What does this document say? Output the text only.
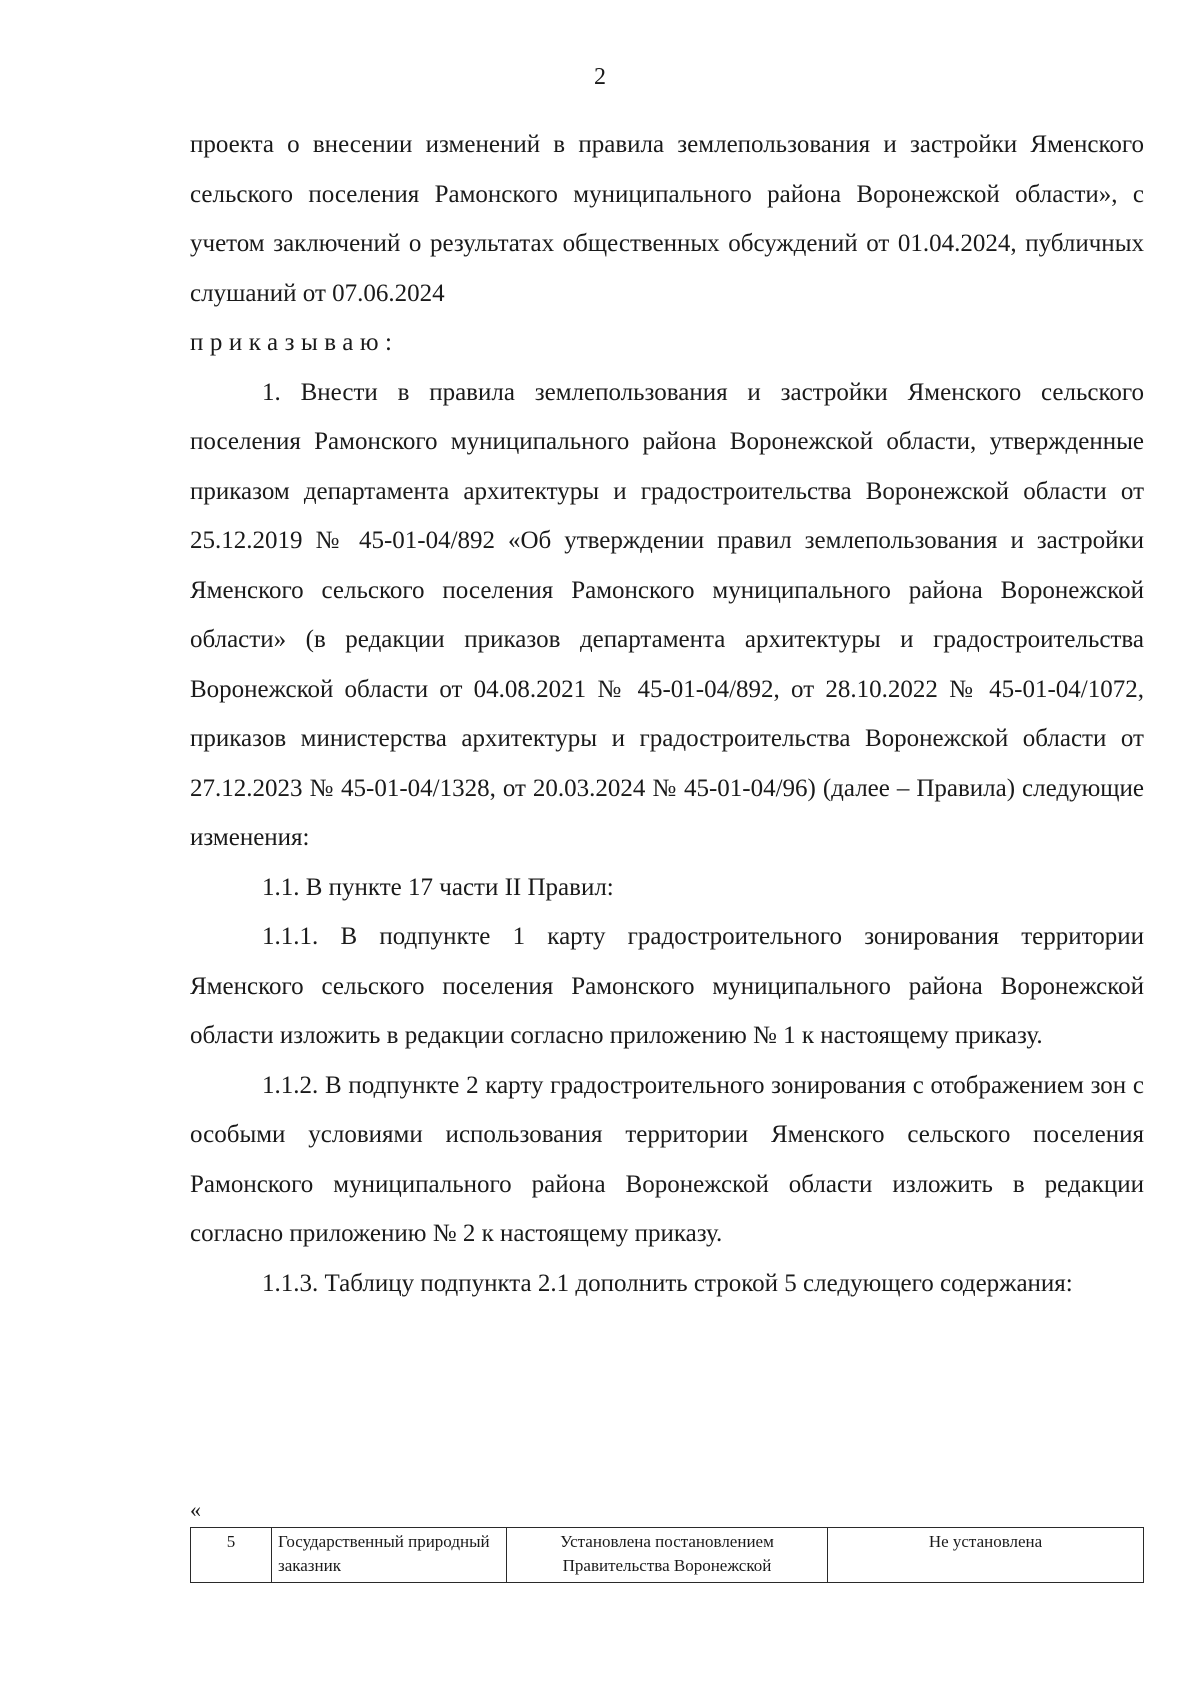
2

проекта о внесении изменений в правила землепользования и застройки Яменского сельского поселения Рамонского муниципального района Воронежской области», с учетом заключений о результатах общественных обсуждений от 01.04.2024, публичных слушаний от 07.06.2024

приказываю:

1. Внести в правила землепользования и застройки Яменского сельского поселения Рамонского муниципального района Воронежской области, утвержденные приказом департамента архитектуры и градостроительства Воронежской области от 25.12.2019 № 45-01-04/892 «Об утверждении правил землепользования и застройки Яменского сельского поселения Рамонского муниципального района Воронежской области» (в редакции приказов департамента архитектуры и градостроительства Воронежской области от 04.08.2021 № 45-01-04/892, от 28.10.2022 № 45-01-04/1072, приказов министерства архитектуры и градостроительства Воронежской области от 27.12.2023 № 45-01-04/1328, от 20.03.2024 № 45-01-04/96) (далее – Правила) следующие изменения:

1.1. В пункте 17 части II Правил:

1.1.1. В подпункте 1 карту градостроительного зонирования территории Яменского сельского поселения Рамонского муниципального района Воронежской области изложить в редакции согласно приложению № 1 к настоящему приказу.

1.1.2. В подпункте 2 карту градостроительного зонирования с отображением зон с особыми условиями использования территории Яменского сельского поселения Рамонского муниципального района Воронежской области изложить в редакции согласно приложению № 2 к настоящему приказу.

1.1.3. Таблицу подпункта 2.1 дополнить строкой 5 следующего содержания:

«
5	Государственный природный заказник	Установлена постановлением Правительства Воронежской	Не установлена
